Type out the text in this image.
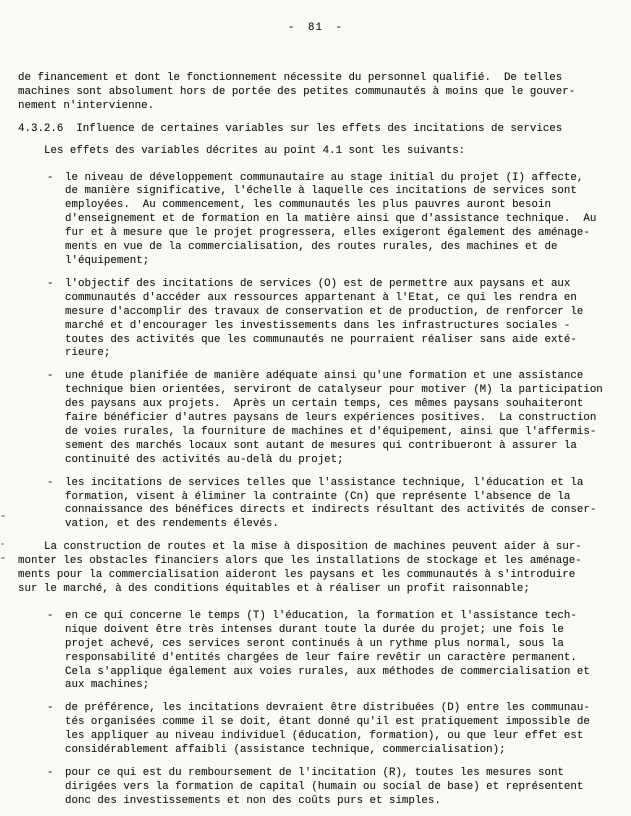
- 81 -
de financement et dont le fonctionnement nécessite du personnel qualifié.  De telles
machines sont absolument hors de portée des petites communautés à moins que le gouver-
nement n'intervienne.
4.3.2.6  Influence de certaines variables sur les effets des incitations de services
Les effets des variables décrites au point 4.1 sont les suivants:
-	le niveau de développement communautaire au stage initial du projet (I) affecte,
de manière significative, l'échelle à laquelle ces incitations de services sont
employées.  Au commencement, les communautés les plus pauvres auront besoin
d'enseignement et de formation en la matière ainsi que d'assistance technique.  Au
fur et à mesure que le projet progressera, elles exigeront également des aménage-
ments en vue de la commercialisation, des routes rurales, des machines et de
l'équipement;
-	l'objectif des incitations de services (O) est de permettre aux paysans et aux
communautés d'accéder aux ressources appartenant à l'Etat, ce qui les rendra en
mesure d'accomplir des travaux de conservation et de production, de renforcer le
marché et d'encourager les investissements dans les infrastructures sociales -
toutes des activités que les communautés ne pourraient réaliser sans aide exté-
rieure;
-	une étude planifiée de manière adéquate ainsi qu'une formation et une assistance
technique bien orientées, serviront de catalyseur pour motiver (M) la participation
des paysans aux projets.  Après un certain temps, ces mêmes paysans souhaiteront
faire bénéficier d'autres paysans de leurs expériences positives.  La construction
de voies rurales, la fourniture de machines et d'équipement, ainsi que l'affermis-
sement des marchés locaux sont autant de mesures qui contribueront à assurer la
continuité des activités au-delà du projet;
-	les incitations de services telles que l'assistance technique, l'éducation et la
formation, visent à éliminer la contrainte (Cn) que représente l'absence de la
connaissance des bénéfices directs et indirects résultant des activités de conser-
vation, et des rendements élevés.
La construction de routes et la mise à disposition de machines peuvent aider à sur-
monter les obstacles financiers alors que les installations de stockage et les aménage-
ments pour la commercialisation aideront les paysans et les communautés à s'introduire
sur le marché, à des conditions équitables et à réaliser un profit raisonnable;
-	en ce qui concerne le temps (T) l'éducation, la formation et l'assistance tech-
nique doivent être très intenses durant toute la durée du projet; une fois le
projet achevé, ces services seront continués à un rythme plus normal, sous la
responsabilité d'entités chargées de leur faire revêtir un caractère permanent.
Cela s'applique également aux voies rurales, aux méthodes de commercialisation et
aux machines;
-	de préférence, les incitations devraient être distribuées (D) entre les communau-
tés organisées comme il se doit, étant donné qu'il est pratiquement impossible de
les appliquer au niveau individuel (éducation, formation), ou que leur effet est
considérablement affaibli (assistance technique, commercialisation);
-	pour ce qui est du remboursement de l'incitation (R), toutes les mesures sont
dirigées vers la formation de capital (humain ou social de base) et représentent
donc des investissements et non des coûts purs et simples.
